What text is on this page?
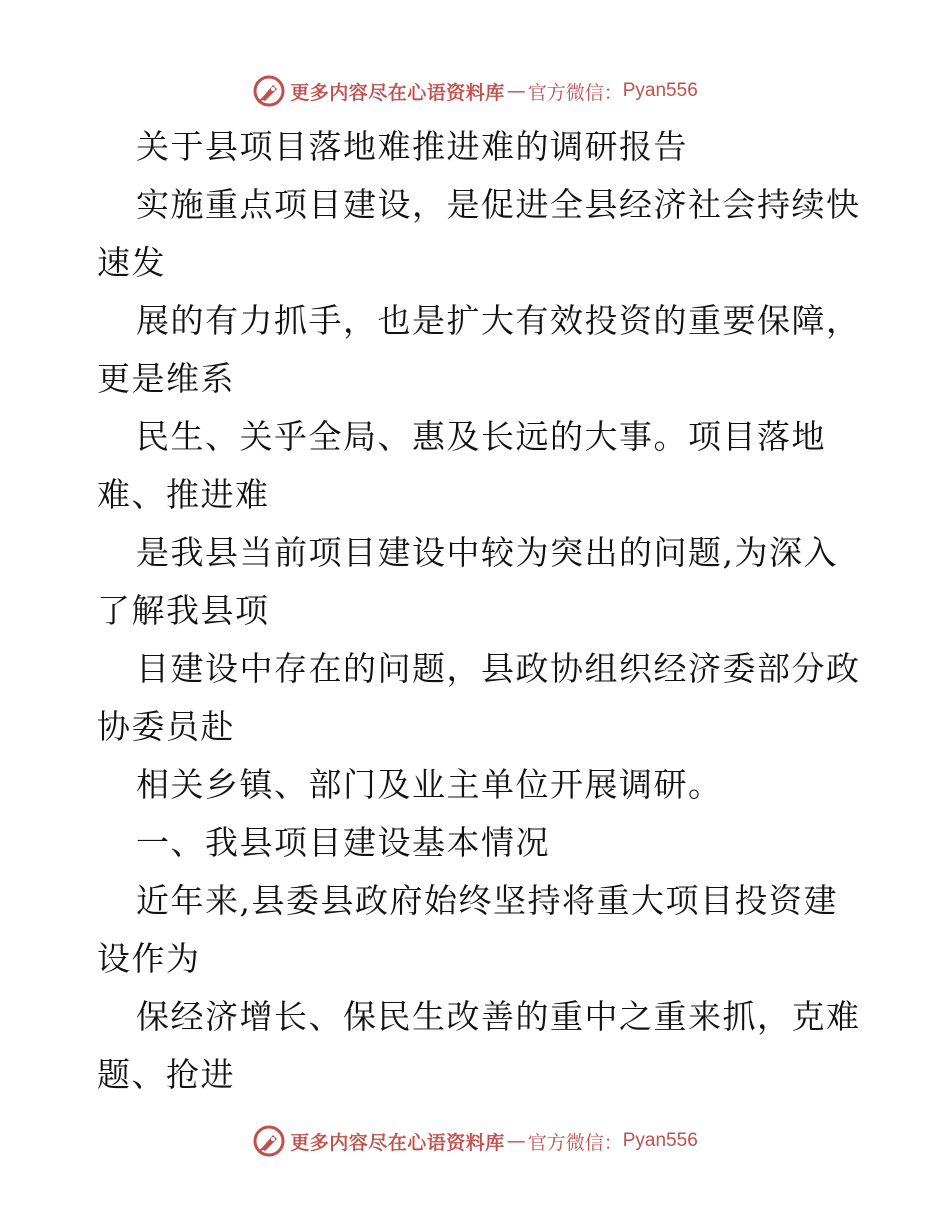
更多内容尽在心语资料库 — 官方微信： Pyan556
关于县项目落地难推进难的调研报告
实施重点项目建设，是促进全县经济社会持续快
速发
展的有力抓手，也是扩大有效投资的重要保障，
更是维系
民生、关乎全局、惠及长远的大事。项目落地
难、推进难
是我县当前项目建设中较为突出的问题,为深入
了解我县项
目建设中存在的问题，县政协组织经济委部分政
协委员赴
相关乡镇、部门及业主单位开展调研。
一、我县项目建设基本情况
近年来,县委县政府始终坚持将重大项目投资建
设作为
保经济增长、保民生改善的重中之重来抓，克难
题、抢进
更多内容尽在心语资料库 — 官方微信： Pyan556
